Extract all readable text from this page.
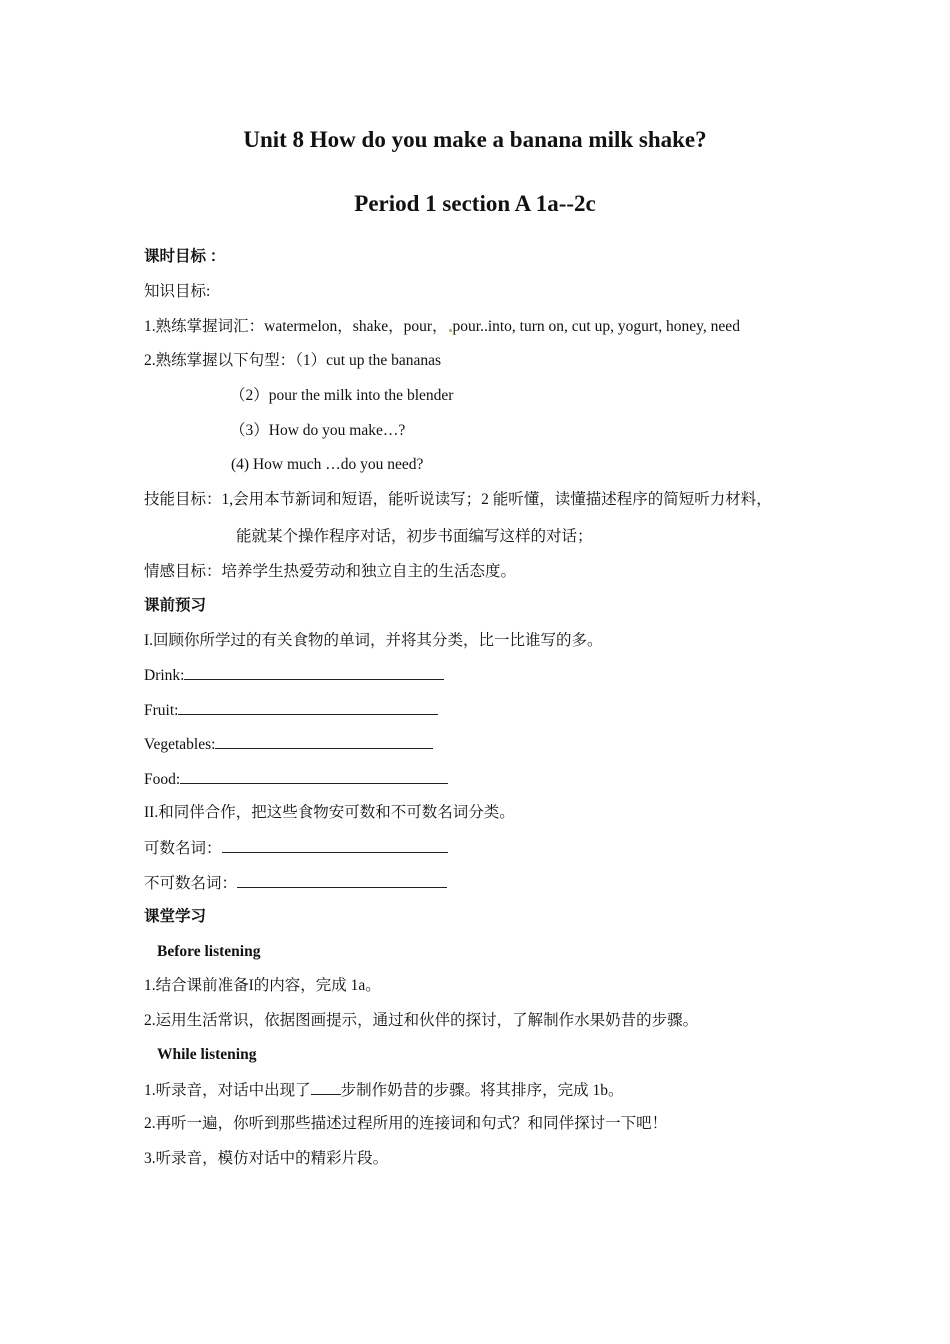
Unit 8 How do you make a banana milk shake?
Period 1 section A 1a--2c
课时目标 ：
知识目标:
1.熟练掌握词汇：watermelon，shake，pour， pour..into, turn on, cut up, yogurt, honey, need
2.熟练掌握以下句型：（1）cut up the bananas
（2）pour the milk into the blender
（3）How do you make…?
(4) How much …do you need?
技能目标：1,会用本节新词和短语，能听说读写；2 能听懂，读懂描述程序的简短听力材料，
能就某个操作程序对话，初步书面编写这样的对话；
情感目标：培养学生热爱劳动和独立自主的生活态度。
课前预习
I.回顾你所学过的有关食物的单词，并将其分类，比一比谁写的多。
Drink:
Fruit:
Vegetables:
Food:
II.和同伴合作，把这些食物安可数和不可数名词分类。
可数名词：
不可数名词：
课堂学习
Before listening
1.结合课前准备I的内容，完成 1a。
2.运用生活常识，依据图画提示，通过和伙伴的探讨，了解制作水果奶昔的步骤。
While listening
1.听录音，对话中出现了 步制作奶昔的步骤。将其排序，完成 1b。
2.再听一遍，你听到那些描述过程所用的连接词和句式？和同伴探讨一下吧！
3.听录音，模仿对话中的精彩片段。
